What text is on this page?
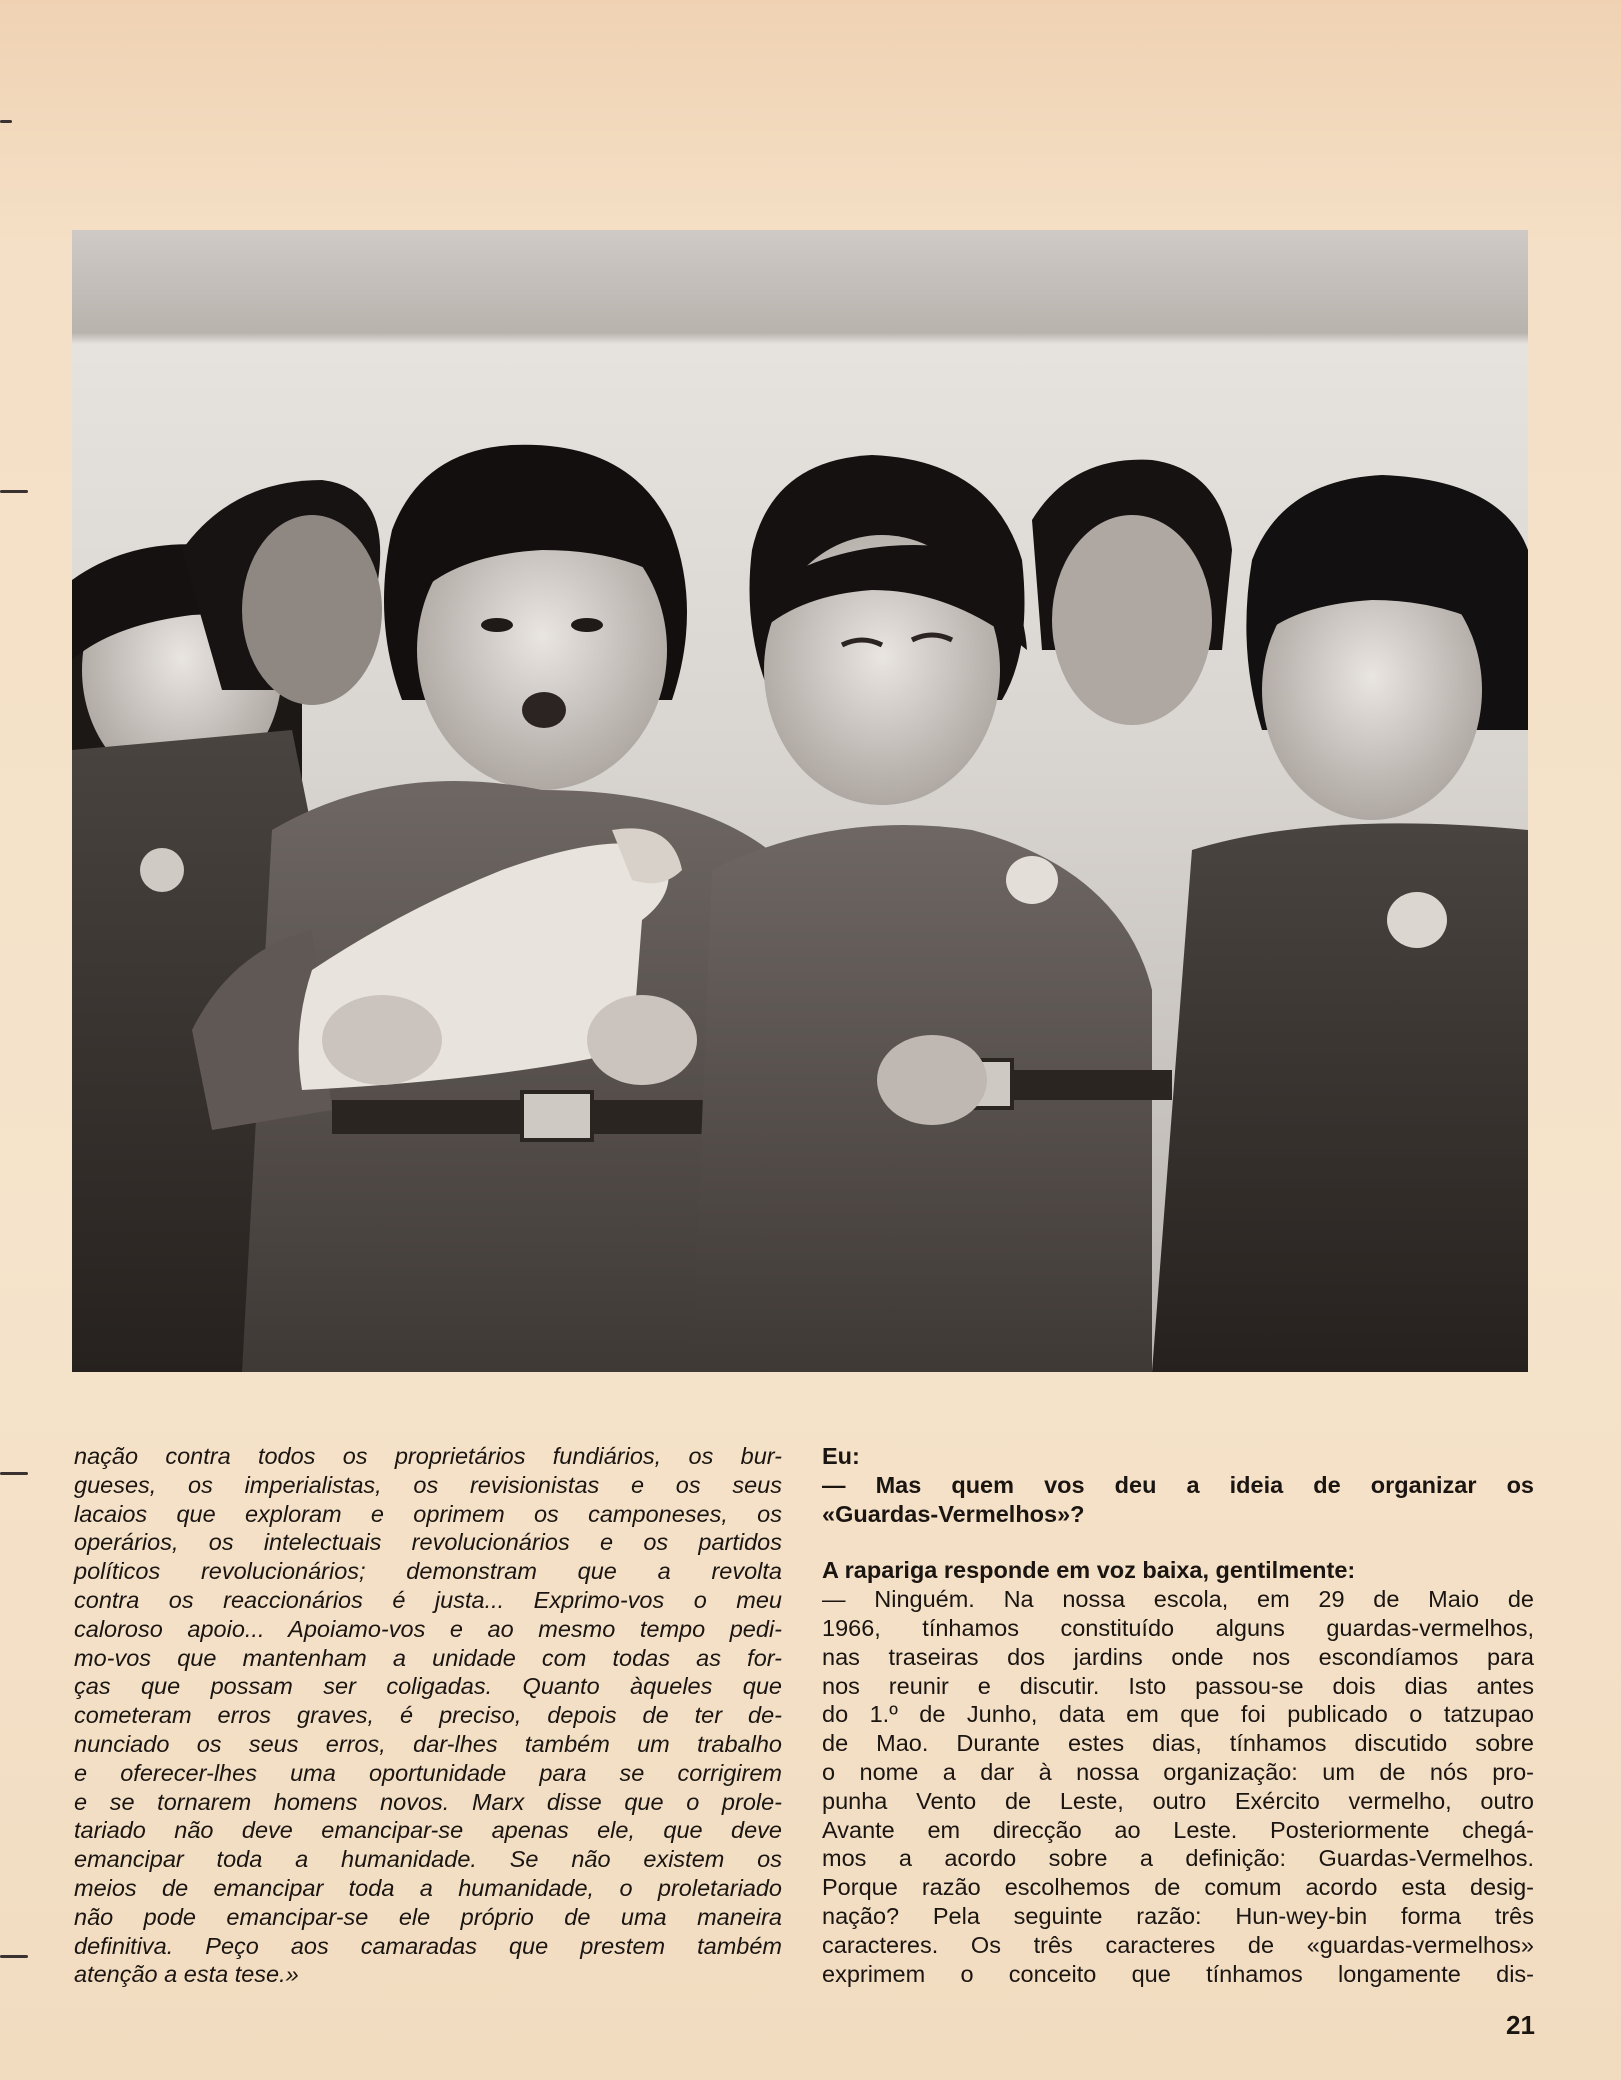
nação contra todos os proprietários fundiários, os bur-
gueses, os imperialistas, os revisionistas e os seus
lacaios que exploram e oprimem os camponeses, os
operários, os intelectuais revolucionários e os partidos
políticos revolucionários; demonstram que a revolta
contra os reaccionários é justa... Exprimo-vos o meu
caloroso apoio... Apoiamo-vos e ao mesmo tempo pedi-
mo-vos que mantenham a unidade com todas as for-
ças que possam ser coligadas. Quanto àqueles que
cometeram erros graves, é preciso, depois de ter de-
nunciado os seus erros, dar-lhes também um trabalho
e oferecer-lhes uma oportunidade para se corrigirem
e se tornarem homens novos. Marx disse que o prole-
tariado não deve emancipar-se apenas ele, que deve
emancipar toda a humanidade. Se não existem os
meios de emancipar toda a humanidade, o proletariado
não pode emancipar-se ele próprio de uma maneira
definitiva. Peço aos camaradas que prestem também
atenção a esta tese.»

Eu:

— Mas quem vos deu a ideia de organizar os
«Guardas-Vermelhos»?

A rapariga responde em voz baixa, gentilmente:

— Ninguém. Na nossa escola, em 29 de Maio de
1966, tínhamos constituído alguns guardas-vermelhos,
nas traseiras dos jardins onde nos escondíamos para
nos reunir e discutir. Isto passou-se dois dias antes
do 1.º de Junho, data em que foi publicado o tatzupao
de Mao. Durante estes dias, tínhamos discutido sobre
o nome a dar à nossa organização: um de nós pro-
punha Vento de Leste, outro Exército vermelho, outro
Avante em direcção ao Leste. Posteriormente chegá-
mos a acordo sobre a definição: Guardas-Vermelhos.
Porque razão escolhemos de comum acordo esta desig-
nação? Pela seguinte razão: Hun-wey-bin forma três
caracteres. Os três caracteres de «guardas-vermelhos»
exprimem o conceito que tínhamos longamente dis-

21
